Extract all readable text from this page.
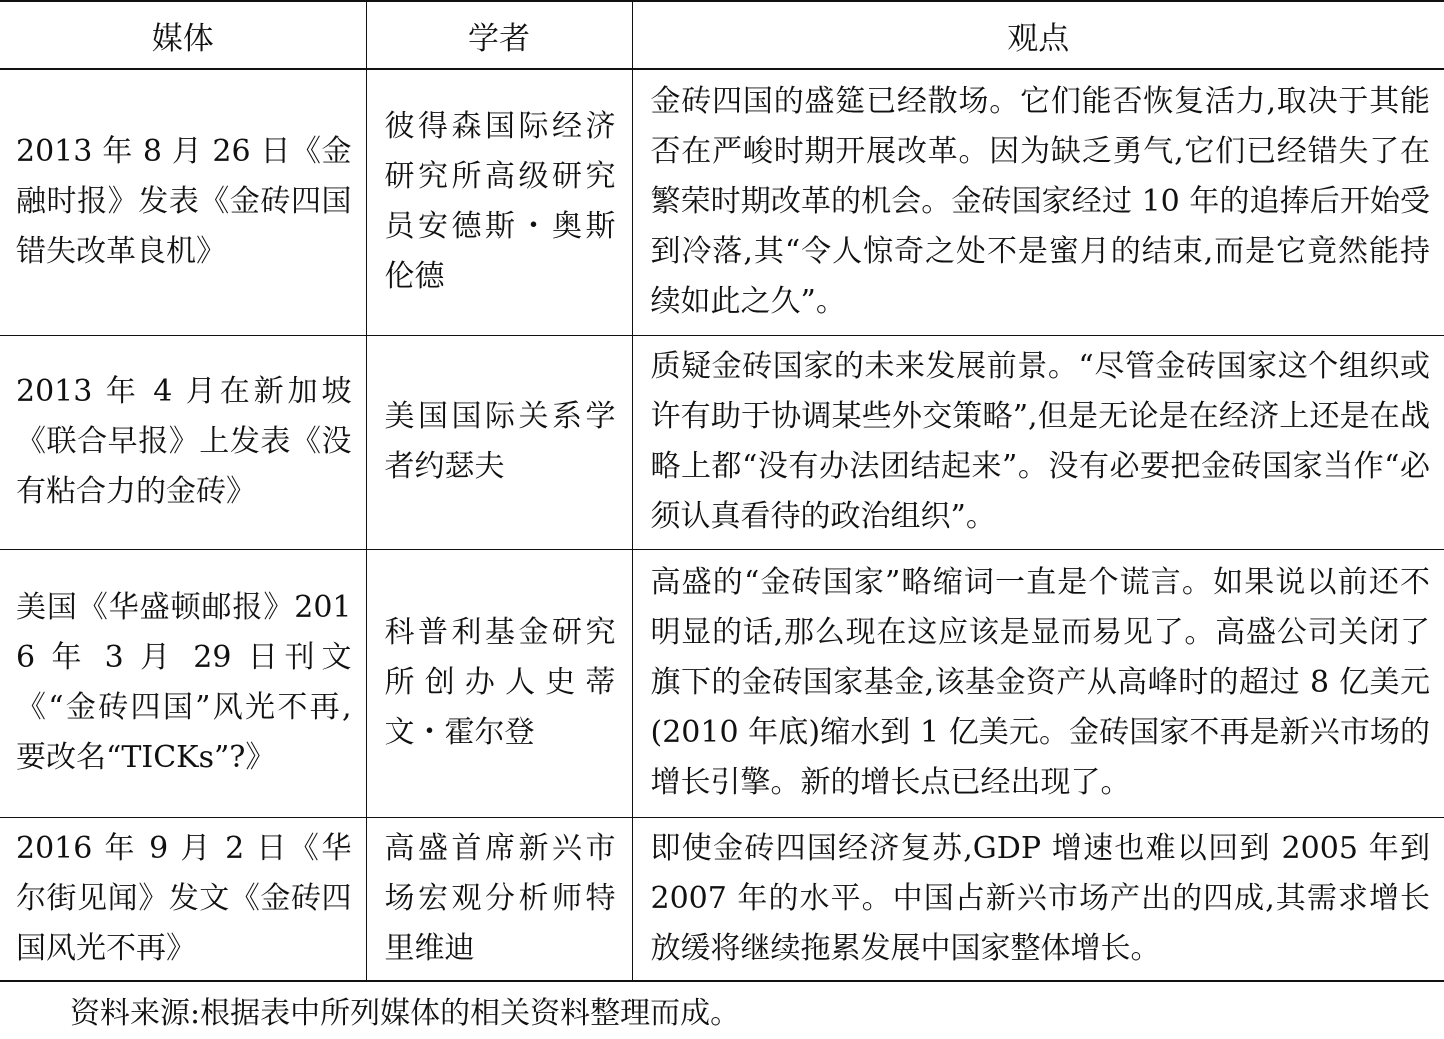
媒体	学者	观点
2013 年 8 月 26 日《金融时报》发表《金砖四国错失改革良机》	彼得森国际经济研究所高级研究员安德斯・奥斯伦德	金砖四国的盛筵已经散场。它们能否恢复活力,取决于其能否在严峻时期开展改革。因为缺乏勇气,它们已经错失了在繁荣时期改革的机会。金砖国家经过 10 年的追捧后开始受到冷落,其“令人惊奇之处不是蜜月的结束,而是它竟然能持续如此之久”。
2013 年 4 月在新加坡《联合早报》上发表《没有粘合力的金砖》	美国国际关系学者约瑟夫	质疑金砖国家的未来发展前景。“尽管金砖国家这个组织或许有助于协调某些外交策略”,但是无论是在经济上还是在战略上都“没有办法团结起来”。没有必要把金砖国家当作“必须认真看待的政治组织”。
美国《华盛顿邮报》2016 年 3 月 29 日刊文《“金砖四国”风光不再,要改名“TICKs”?》	科普利基金研究所创办人史蒂文・霍尔登	高盛的“金砖国家”略缩词一直是个谎言。如果说以前还不明显的话,那么现在这应该是显而易见了。高盛公司关闭了旗下的金砖国家基金,该基金资产从高峰时的超过 8 亿美元(2010 年底)缩水到 1 亿美元。金砖国家不再是新兴市场的增长引擎。新的增长点已经出现了。
2016 年 9 月 2 日《华尔街见闻》发文《金砖四国风光不再》	高盛首席新兴市场宏观分析师特里维迪	即使金砖四国经济复苏,GDP 增速也难以回到 2005 年到 2007 年的水平。中国占新兴市场产出的四成,其需求增长放缓将继续拖累发展中国家整体增长。
资料来源:根据表中所列媒体的相关资料整理而成。
